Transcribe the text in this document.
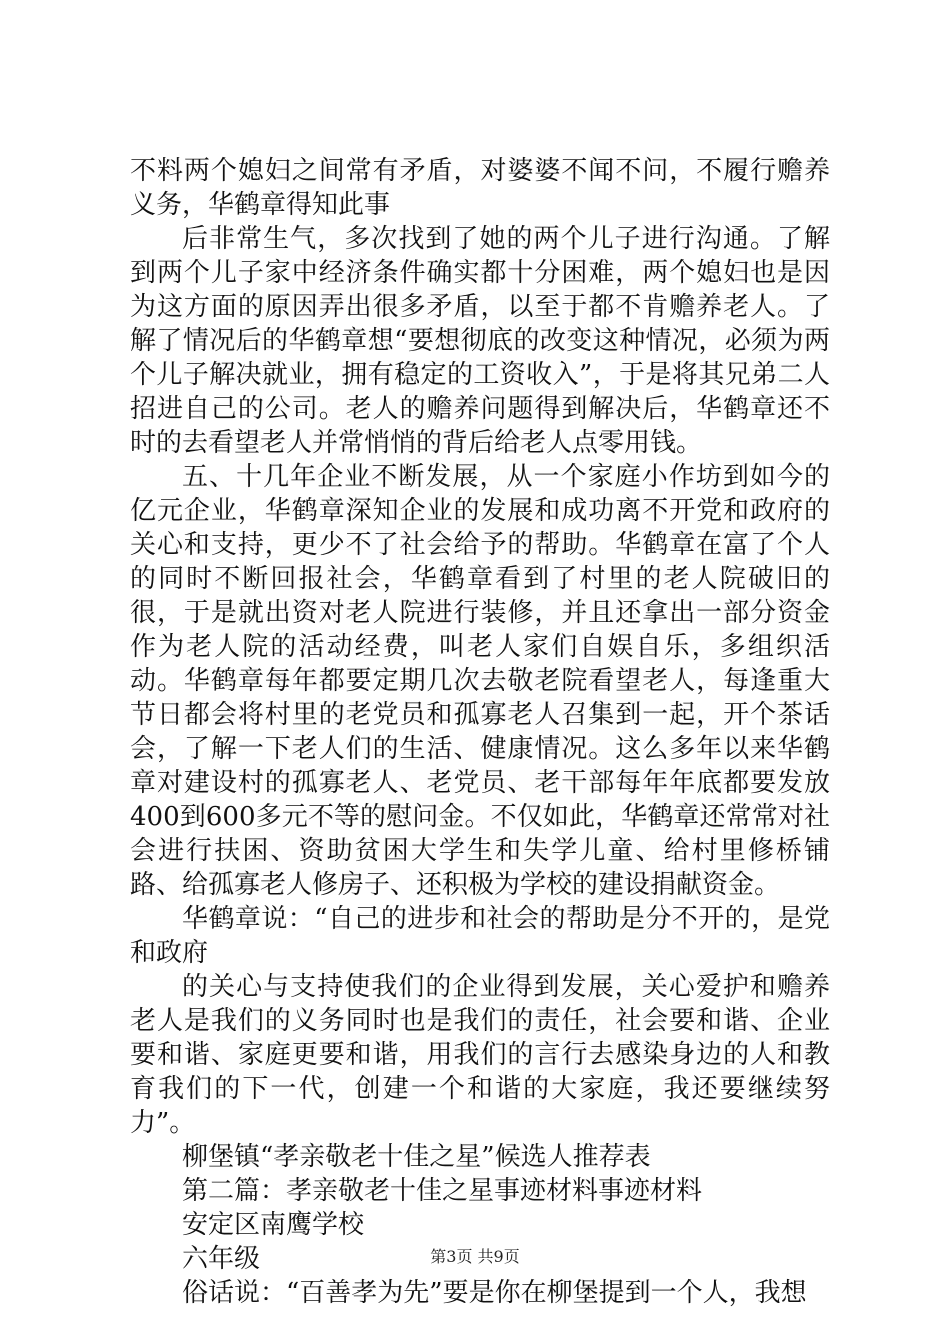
不料两个媳妇之间常有矛盾，对婆婆不闻不问，不履行赡养义务，华鹤章得知此事

后非常生气，多次找到了她的两个儿子进行沟通。了解到两个儿子家中经济条件确实都十分困难，两个媳妇也是因为这方面的原因弄出很多矛盾，以至于都不肯赡养老人。了解了情况后的华鹤章想“要想彻底的改变这种情况，必须为两个儿子解决就业，拥有稳定的工资收入”，于是将其兄弟二人招进自己的公司。老人的赡养问题得到解决后，华鹤章还不时的去看望老人并常悄悄的背后给老人点零用钱。

五、十几年企业不断发展，从一个家庭小作坊到如今的亿元企业，华鹤章深知企业的发展和成功离不开党和政府的关心和支持，更少不了社会给予的帮助。华鹤章在富了个人的同时不断回报社会，华鹤章看到了村里的老人院破旧的很，于是就出资对老人院进行装修，并且还拿出一部分资金作为老人院的活动经费，叫老人家们自娱自乐，多组织活动。华鹤章每年都要定期几次去敬老院看望老人，每逢重大节日都会将村里的老党员和孤寡老人召集到一起，开个茶话会，了解一下老人们的生活、健康情况。这么多年以来华鹤章对建设村的孤寡老人、老党员、老干部每年年底都要发放400到600多元不等的慰问金。不仅如此，华鹤章还常常对社会进行扶困、资助贫困大学生和失学儿童、给村里修桥铺路、给孤寡老人修房子、还积极为学校的建设捐献资金。

华鹤章说：“自己的进步和社会的帮助是分不开的，是党和政府

的关心与支持使我们的企业得到发展，关心爱护和赡养老人是我们的义务同时也是我们的责任，社会要和谐、企业要和谐、家庭更要和谐，用我们的言行去感染身边的人和教育我们的下一代，创建一个和谐的大家庭，我还要继续努力”。

柳堡镇“孝亲敬老十佳之星”候选人推荐表

第二篇：孝亲敬老十佳之星事迹材料事迹材料

安定区南鹰学校

六年级

俗话说：“百善孝为先”要是你在柳堡提到一个人，我想

第3页 共9页
